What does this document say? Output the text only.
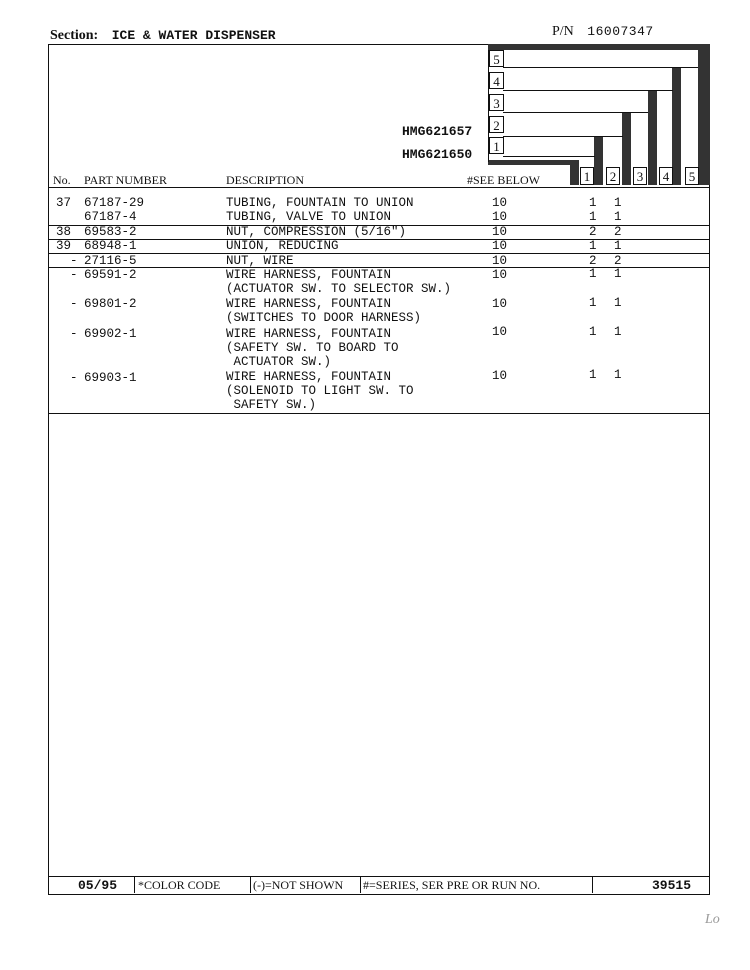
Section: ICE & WATER DISPENSER	P/N 16007347
5
4
3
2
1
HMG621657
HMG621650
No. PART NUMBER	DESCRIPTION	#SEE BELOW	1 2 3 4 5
37 67187-29	TUBING, FOUNTAIN TO UNION	10	1 1
67187-4	TUBING, VALVE TO UNION	10	1 1
38 69583-2	NUT, COMPRESSION (5/16")	10	2 2
39 68948-1	UNION, REDUCING	10	1 1
- 27116-5	NUT, WIRE	10	2 2
- 69591-2	WIRE HARNESS, FOUNTAIN
(ACTUATOR SW. TO SELECTOR SW.)
10	1 1
- 69801-2	WIRE HARNESS, FOUNTAIN
(SWITCHES TO DOOR HARNESS)
10	1 1
- 69902-1	WIRE HARNESS, FOUNTAIN
(SAFETY SW. TO BOARD TO
ACTUATOR SW.)
10	1 1
- 69903-1	WIRE HARNESS, FOUNTAIN
(SOLENOID TO LIGHT SW. TO
SAFETY SW.)
10	1 1
05/95 *COLOR CODE	(-)=NOT SHOWN #=SERIES, SER PRE OR RUN NO.	39515
Lo
